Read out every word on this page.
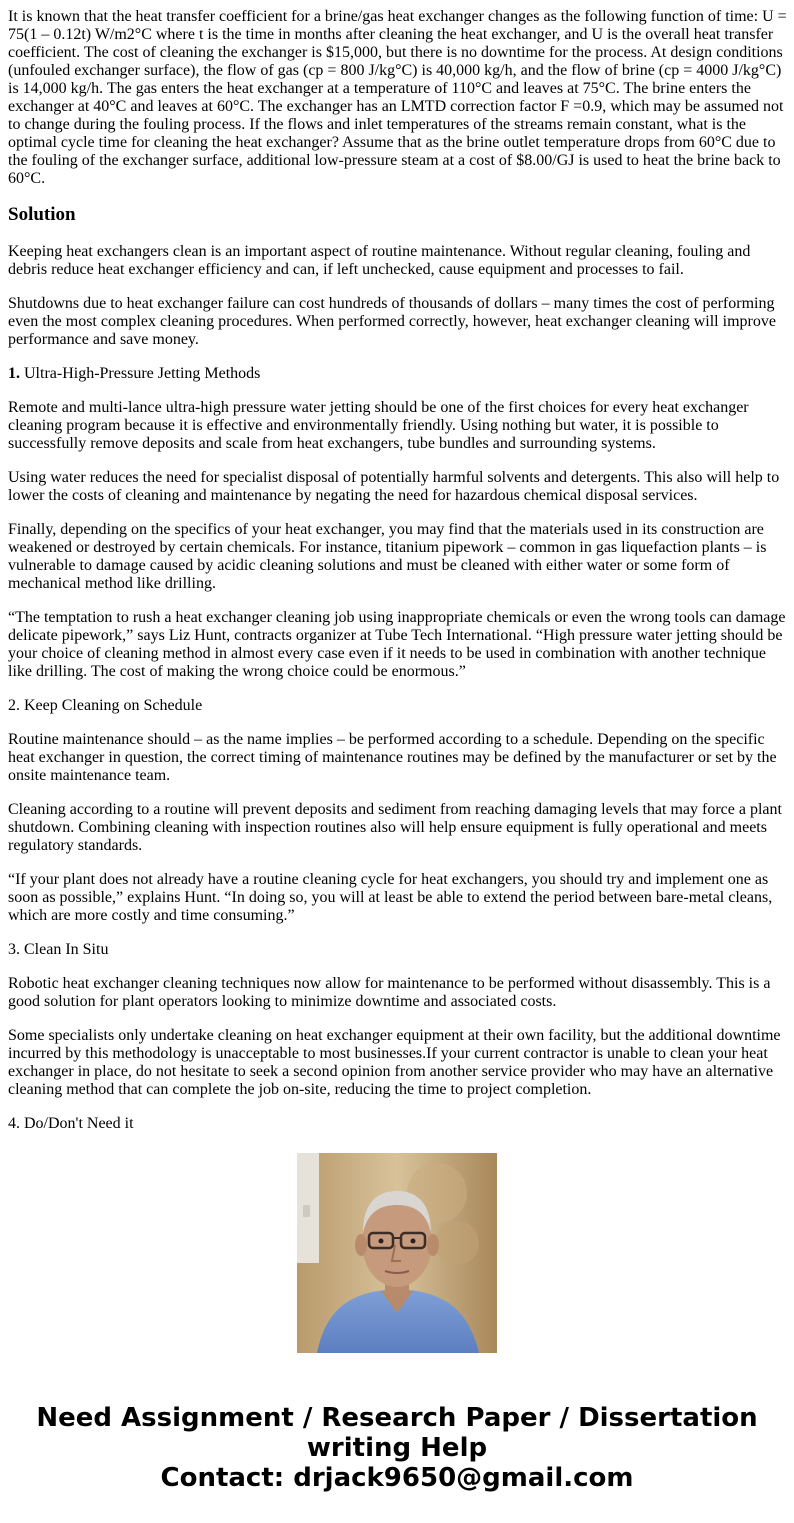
It is known that the heat transfer coefficient for a brine/gas heat exchanger changes as the following function of time: U = 75(1 – 0.12t) W/m2°C where t is the time in months after cleaning the heat exchanger, and U is the overall heat transfer coefficient. The cost of cleaning the exchanger is $15,000, but there is no downtime for the process. At design conditions (unfouled exchanger surface), the flow of gas (cp = 800 J/kg°C) is 40,000 kg/h, and the flow of brine (cp = 4000 J/kg°C) is 14,000 kg/h. The gas enters the heat exchanger at a temperature of 110°C and leaves at 75°C. The brine enters the exchanger at 40°C and leaves at 60°C. The exchanger has an LMTD correction factor F =0.9, which may be assumed not to change during the fouling process. If the flows and inlet temperatures of the streams remain constant, what is the optimal cycle time for cleaning the heat exchanger? Assume that as the brine outlet temperature drops from 60°C due to the fouling of the exchanger surface, additional low-pressure steam at a cost of $8.00/GJ is used to heat the brine back to 60°C.

Solution

Keeping heat exchangers clean is an important aspect of routine maintenance. Without regular cleaning, fouling and debris reduce heat exchanger efficiency and can, if left unchecked, cause equipment and processes to fail.

Shutdowns due to heat exchanger failure can cost hundreds of thousands of dollars – many times the cost of performing even the most complex cleaning procedures. When performed correctly, however, heat exchanger cleaning will improve performance and save money.

1. Ultra-High-Pressure Jetting Methods

Remote and multi-lance ultra-high pressure water jetting should be one of the first choices for every heat exchanger cleaning program because it is effective and environmentally friendly. Using nothing but water, it is possible to successfully remove deposits and scale from heat exchangers, tube bundles and surrounding systems.

Using water reduces the need for specialist disposal of potentially harmful solvents and detergents. This also will help to lower the costs of cleaning and maintenance by negating the need for hazardous chemical disposal services.

Finally, depending on the specifics of your heat exchanger, you may find that the materials used in its construction are weakened or destroyed by certain chemicals. For instance, titanium pipework – common in gas liquefaction plants – is vulnerable to damage caused by acidic cleaning solutions and must be cleaned with either water or some form of mechanical method like drilling.

“The temptation to rush a heat exchanger cleaning job using inappropriate chemicals or even the wrong tools can damage delicate pipework,” says Liz Hunt, contracts organizer at Tube Tech International. “High pressure water jetting should be your choice of cleaning method in almost every case even if it needs to be used in combination with another technique like drilling. The cost of making the wrong choice could be enormous.”

2. Keep Cleaning on Schedule

Routine maintenance should – as the name implies – be performed according to a schedule. Depending on the specific heat exchanger in question, the correct timing of maintenance routines may be defined by the manufacturer or set by the onsite maintenance team.

Cleaning according to a routine will prevent deposits and sediment from reaching damaging levels that may force a plant shutdown. Combining cleaning with inspection routines also will help ensure equipment is fully operational and meets regulatory standards.

“If your plant does not already have a routine cleaning cycle for heat exchangers, you should try and implement one as soon as possible,” explains Hunt. “In doing so, you will at least be able to extend the period between bare-metal cleans, which are more costly and time consuming.”

3. Clean In Situ

Robotic heat exchanger cleaning techniques now allow for maintenance to be performed without disassembly. This is a good solution for plant operators looking to minimize downtime and associated costs.

Some specialists only undertake cleaning on heat exchanger equipment at their own facility, but the additional downtime incurred by this methodology is unacceptable to most businesses.If your current contractor is unable to clean your heat exchanger in place, do not hesitate to seek a second opinion from another service provider who may have an alternative cleaning method that can complete the job on-site, reducing the time to project completion.

4. Do/Don't Need it

Need Assignment / Research Paper / Dissertation
writing Help
Contact: drjack9650@gmail.com
